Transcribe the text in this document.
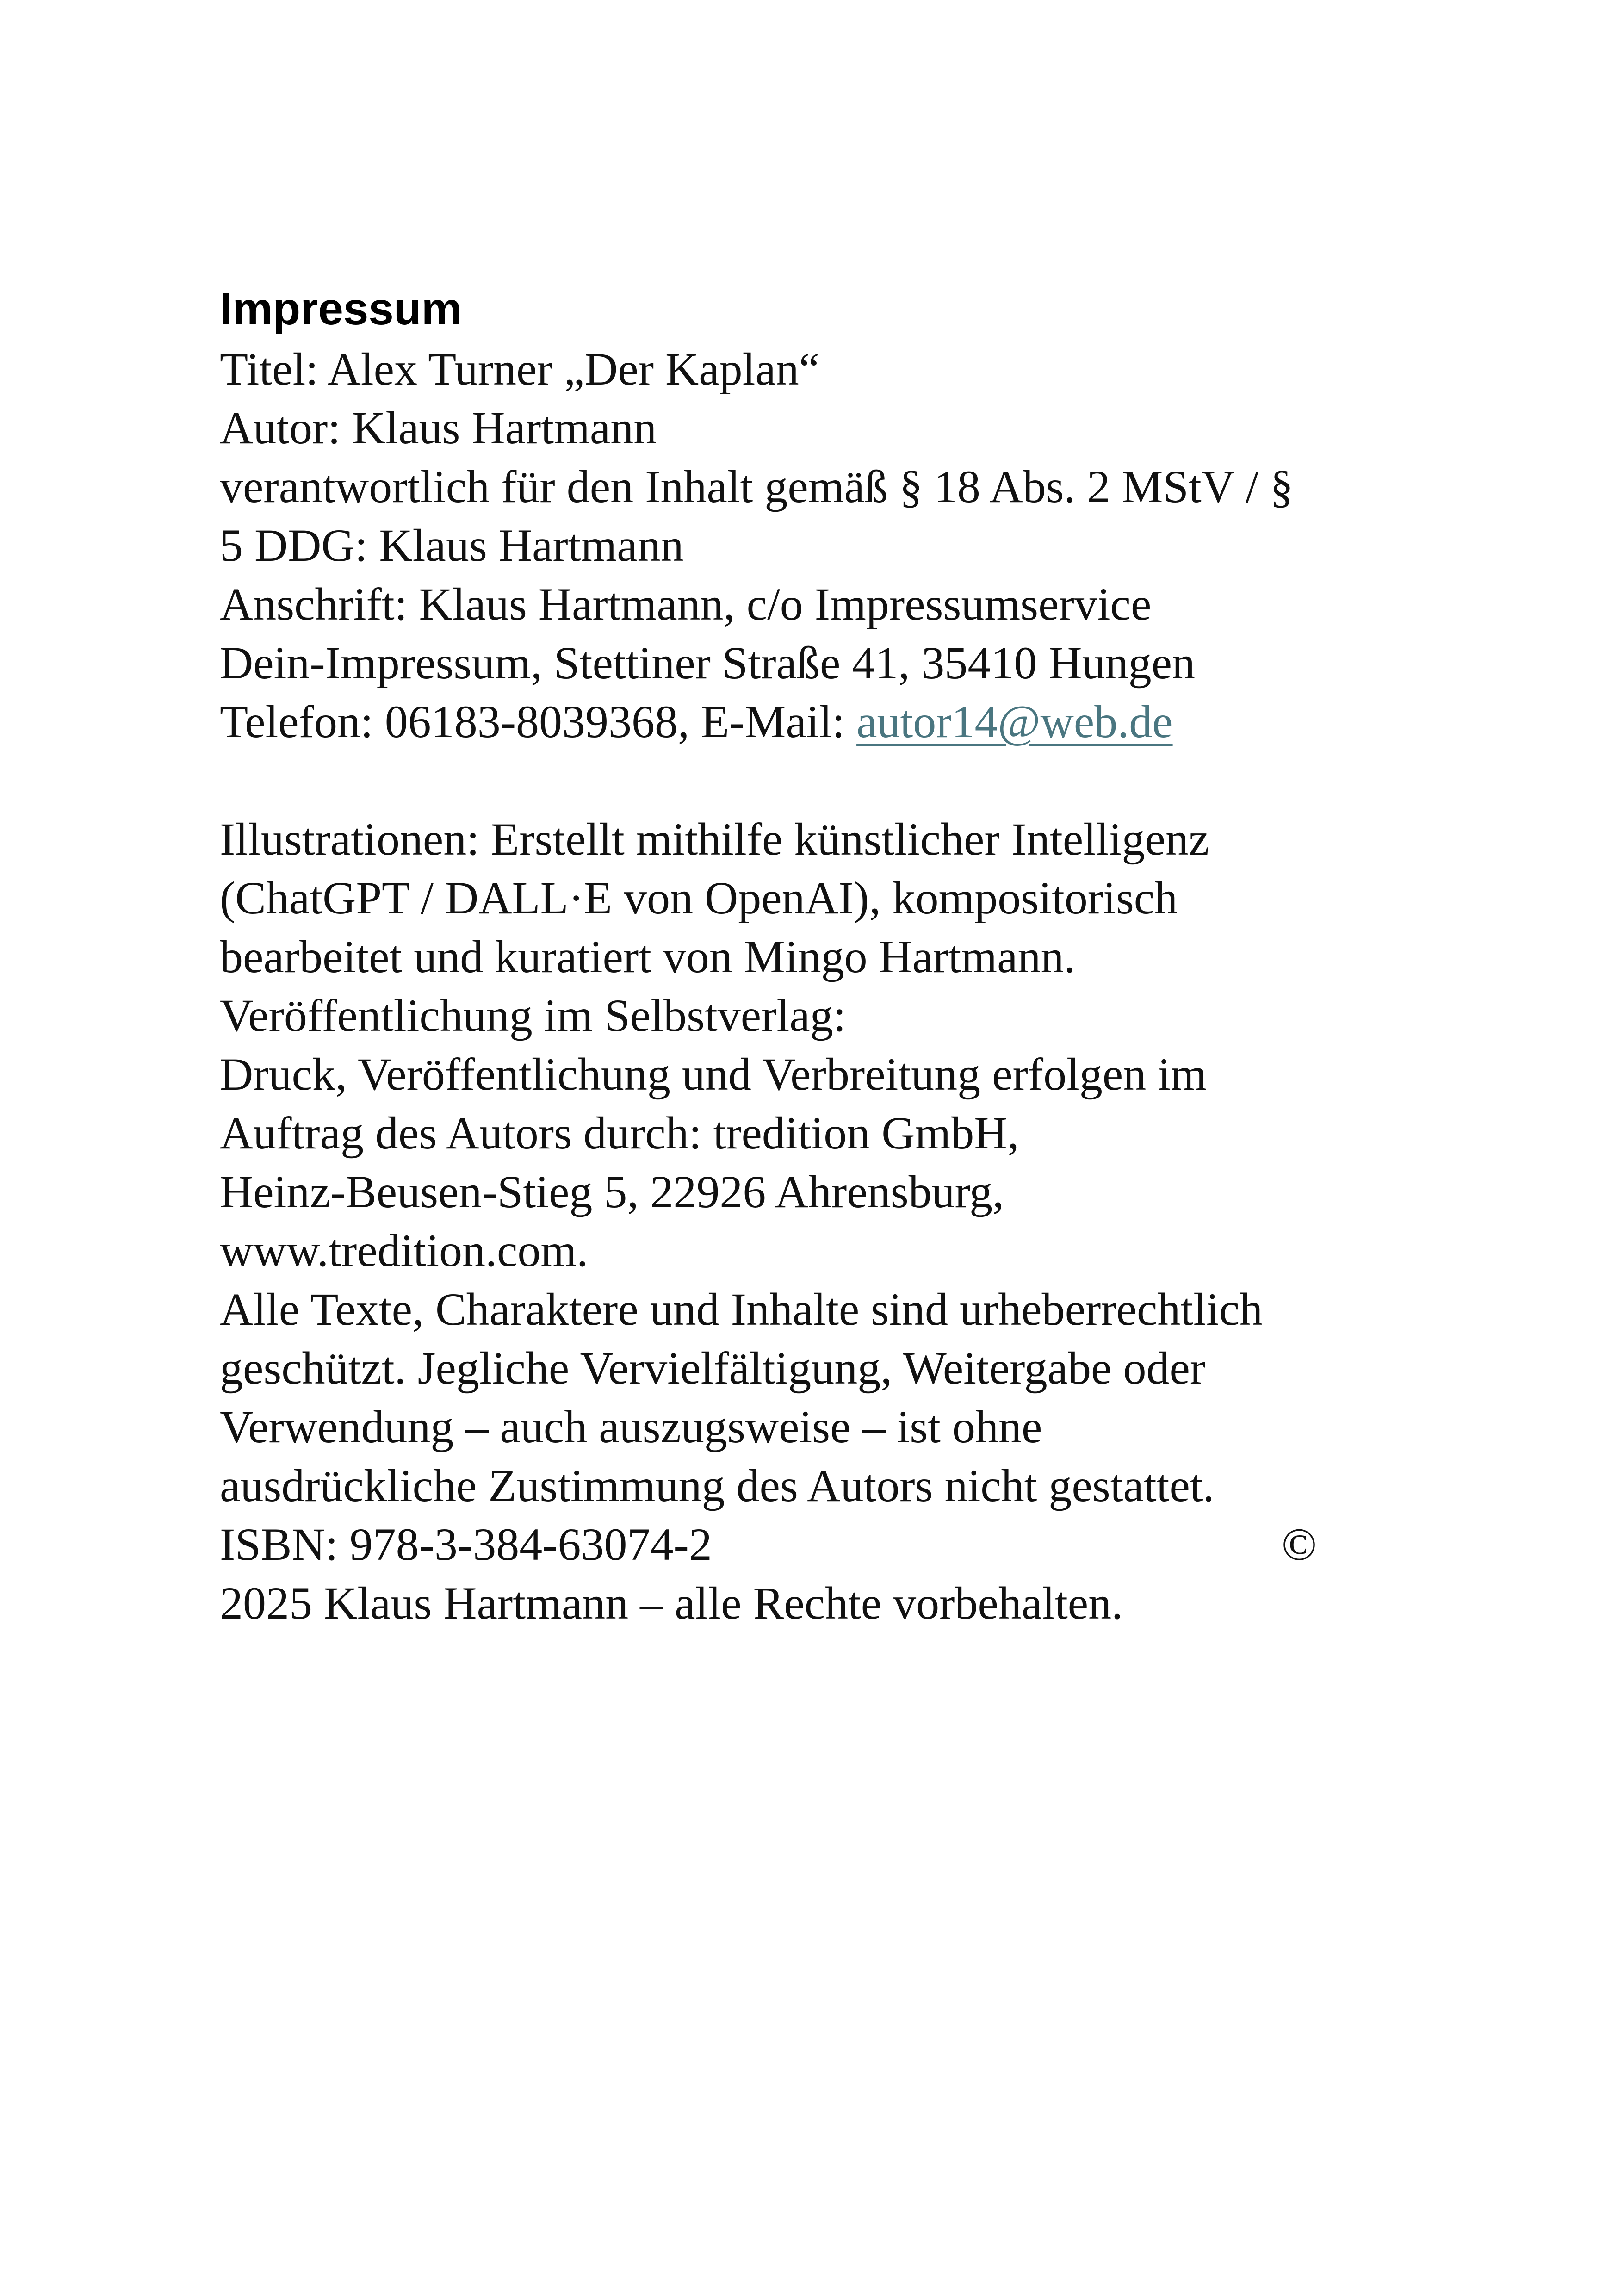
Impressum
Titel: Alex Turner „Der Kaplan“
Autor: Klaus Hartmann
verantwortlich für den Inhalt gemäß § 18 Abs. 2 MStV / §
5 DDG: Klaus Hartmann
Anschrift: Klaus Hartmann, c/o Impressumservice
Dein-Impressum, Stettiner Straße 41, 35410 Hungen
Telefon: 06183-8039368, E-Mail: autor14@web.de
Illustrationen: Erstellt mithilfe künstlicher Intelligenz
(ChatGPT / DALL·E von OpenAI), kompositorisch
bearbeitet und kuratiert von Mingo Hartmann.
Veröffentlichung im Selbstverlag:
Druck, Veröffentlichung und Verbreitung erfolgen im
Auftrag des Autors durch: tredition GmbH,
Heinz-Beusen-Stieg 5, 22926 Ahrensburg,
www.tredition.com.
Alle Texte, Charaktere und Inhalte sind urheberrechtlich
geschützt. Jegliche Vervielfältigung, Weitergabe oder
Verwendung – auch auszugsweise – ist ohne
ausdrückliche Zustimmung des Autors nicht gestattet.
ISBN: 978-3-384-63074-2	©
2025 Klaus Hartmann – alle Rechte vorbehalten.
